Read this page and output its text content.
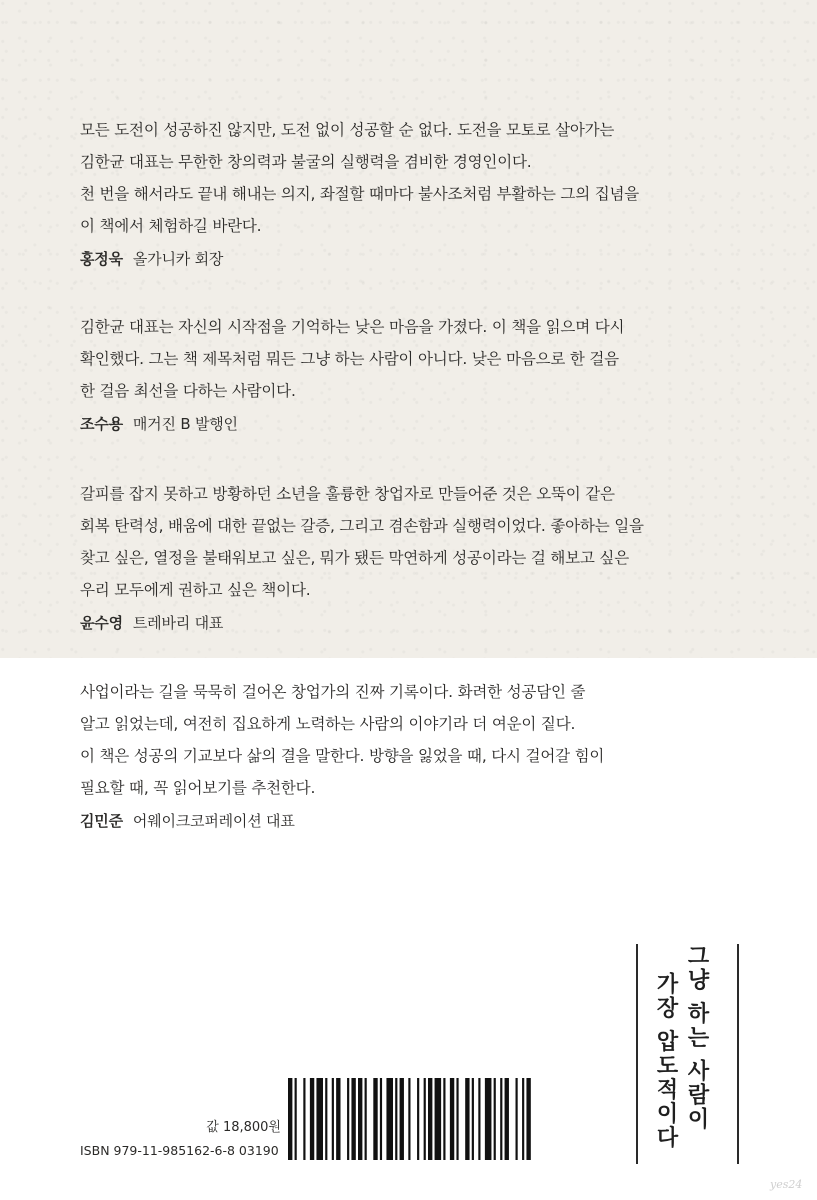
모든 도전이 성공하진 않지만, 도전 없이 성공할 순 없다. 도전을 모토로 살아가는

김한균 대표는 무한한 창의력과 불굴의 실행력을 겸비한 경영인이다.

천 번을 해서라도 끝내 해내는 의지, 좌절할 때마다 불사조처럼 부활하는 그의 집념을

이 책에서 체험하길 바란다.

홍정욱 올가니카 회장

김한균 대표는 자신의 시작점을 기억하는 낮은 마음을 가졌다. 이 책을 읽으며 다시

확인했다. 그는 책 제목처럼 뭐든 그냥 하는 사람이 아니다. 낮은 마음으로 한 걸음

한 걸음 최선을 다하는 사람이다.

조수용 매거진 B 발행인

갈피를 잡지 못하고 방황하던 소년을 훌륭한 창업자로 만들어준 것은 오뚝이 같은

회복 탄력성, 배움에 대한 끝없는 갈증, 그리고 겸손함과 실행력이었다. 좋아하는 일을

찾고 싶은, 열정을 불태워보고 싶은, 뭐가 됐든 막연하게 성공이라는 걸 해보고 싶은

우리 모두에게 권하고 싶은 책이다.

윤수영 트레바리 대표

사업이라는 길을 묵묵히 걸어온 창업가의 진짜 기록이다. 화려한 성공담인 줄

알고 읽었는데, 여전히 집요하게 노력하는 사람의 이야기라 더 여운이 짙다.

이 책은 성공의 기교보다 삶의 결을 말한다. 방향을 잃었을 때, 다시 걸어갈 힘이

필요할 때, 꼭 읽어보기를 추천한다.

김민준 어웨이크코퍼레이션 대표
값 18,800원
ISBN 979-11-985162-6-8 03190
그냥 하는 사람이
가장 압도적이다
yes24
